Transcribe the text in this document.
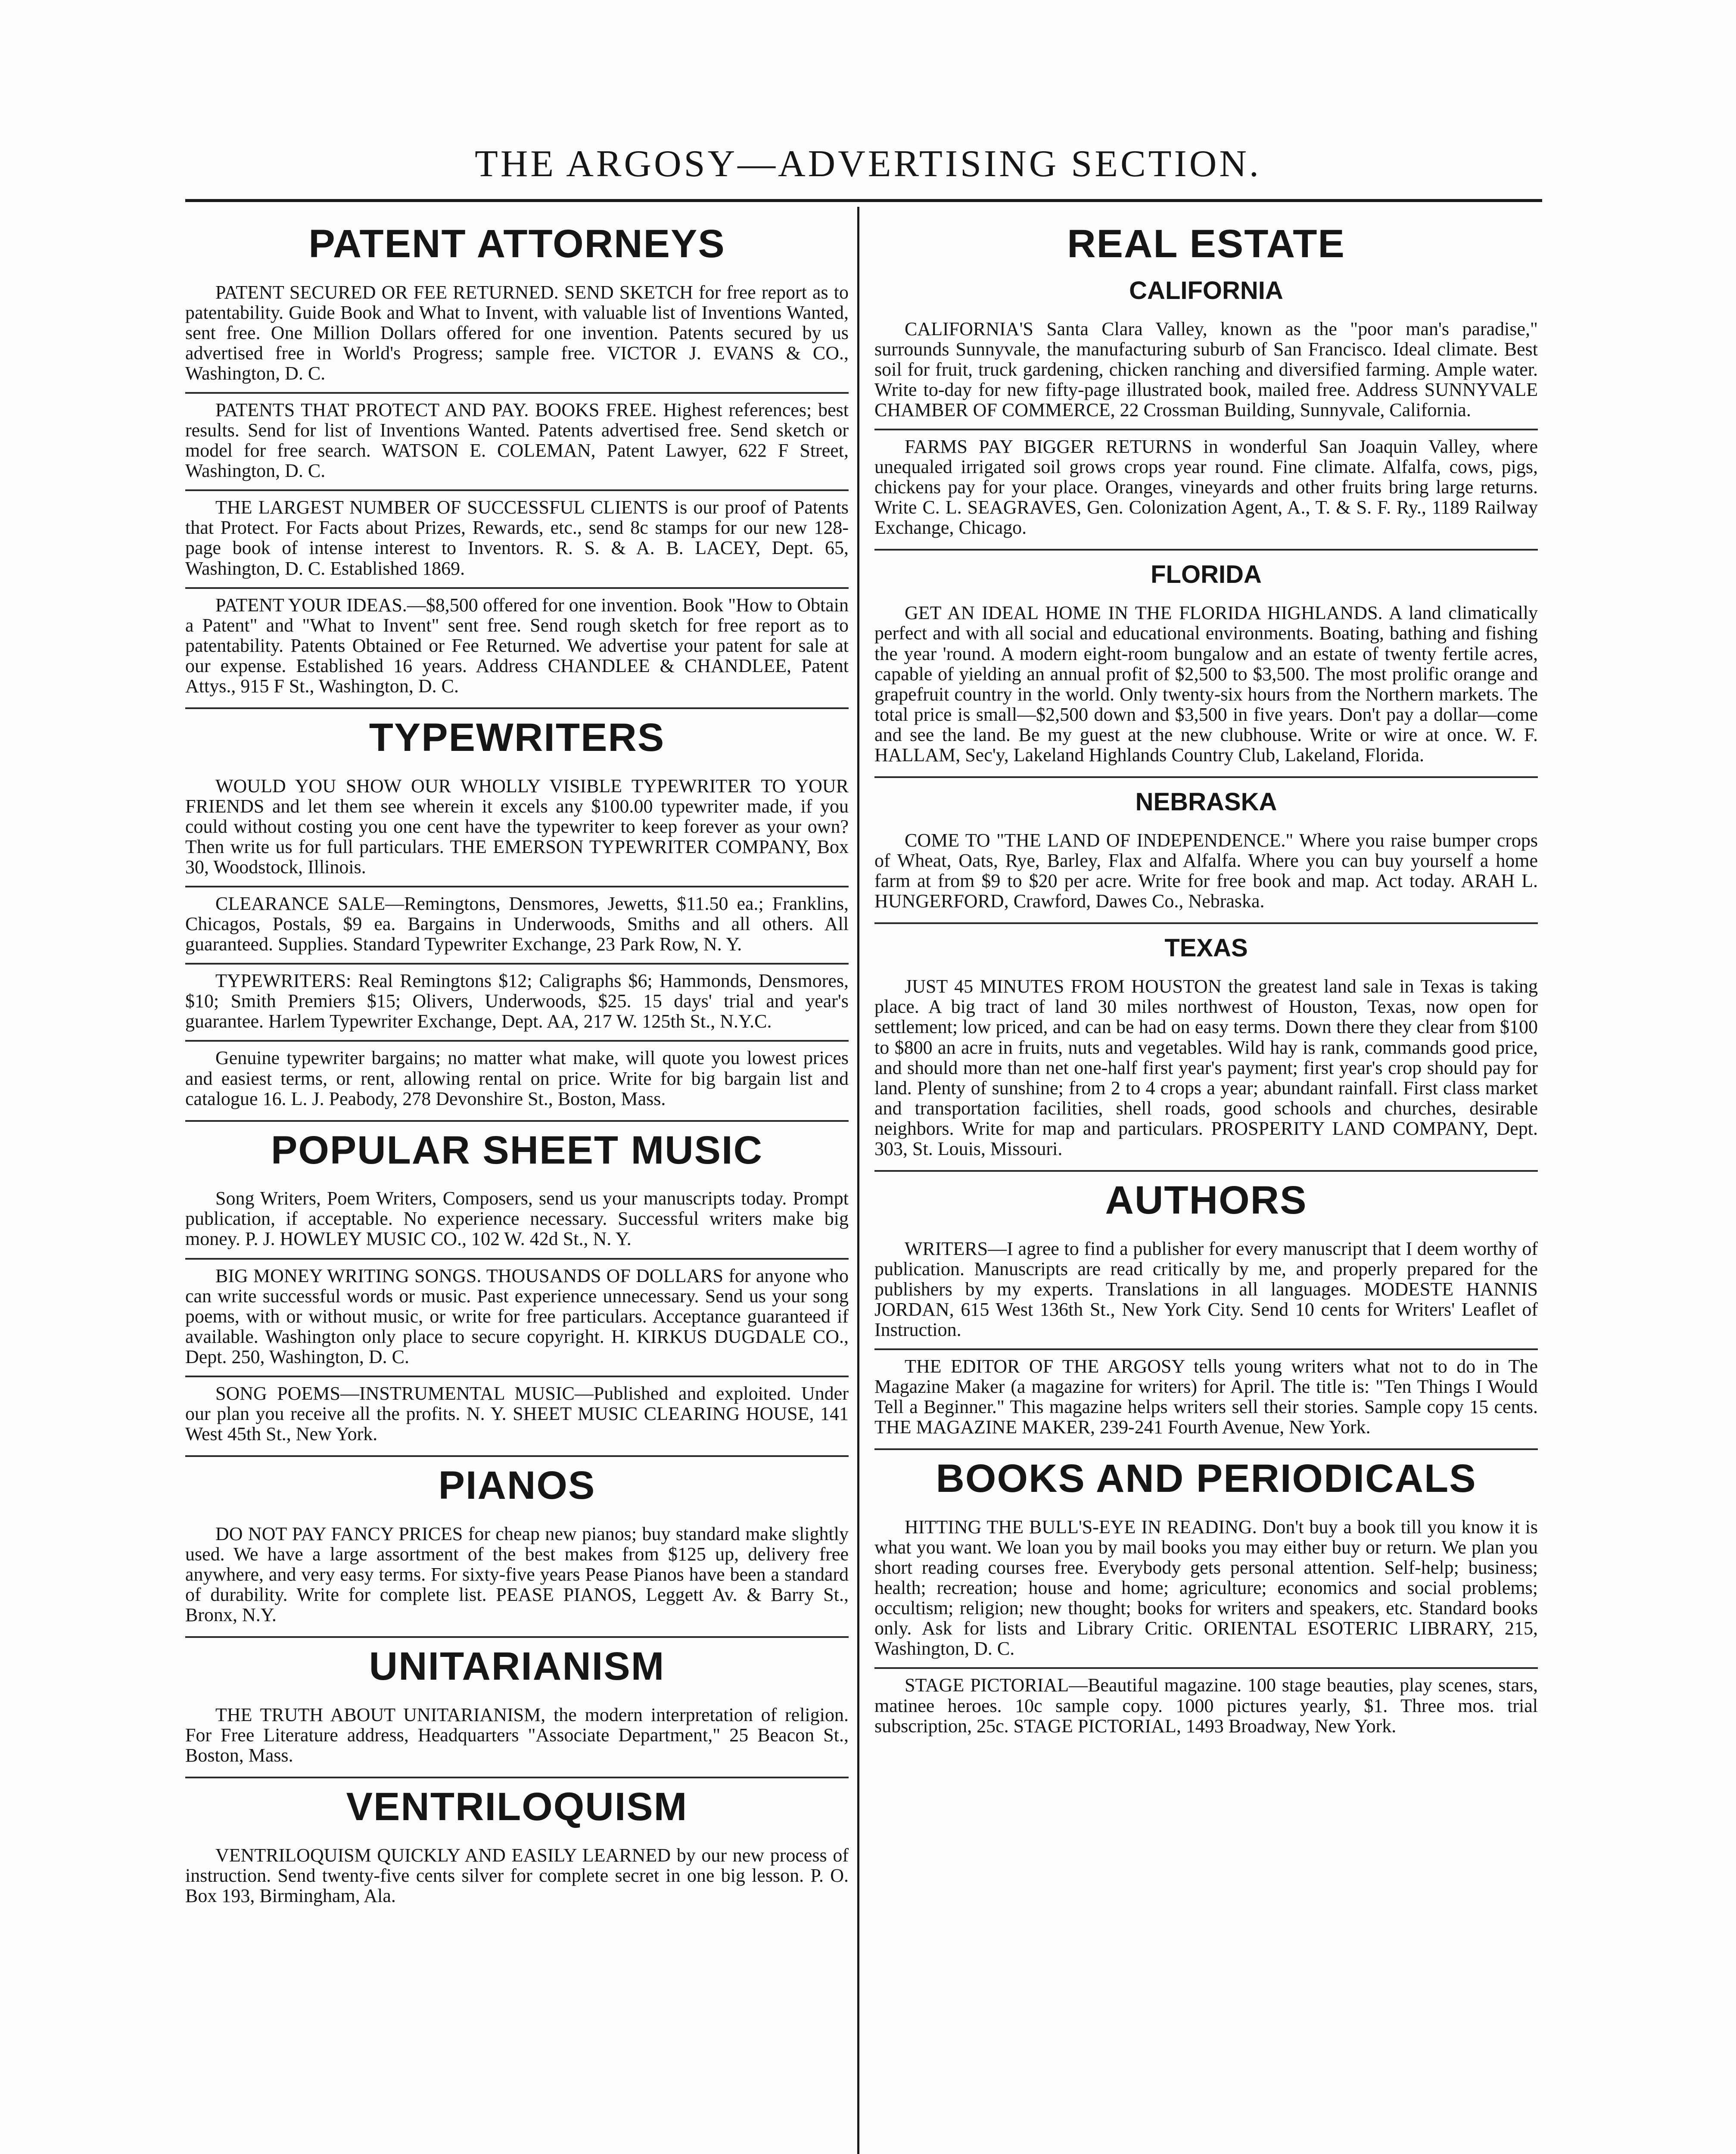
THE ARGOSY—ADVERTISING SECTION.
PATENT ATTORNEYS

PATENT SECURED OR FEE RETURNED. SEND SKETCH for free report as to patentability. Guide Book and What to Invent, with valuable list of Inventions Wanted, sent free. One Million Dollars offered for one invention. Patents secured by us advertised free in World's Progress; sample free. VICTOR J. EVANS & CO., Washington, D. C.

PATENTS THAT PROTECT AND PAY. BOOKS FREE. Highest references; best results. Send for list of Inventions Wanted. Patents advertised free. Send sketch or model for free search. WATSON E. COLEMAN, Patent Lawyer, 622 F Street, Washington, D. C.

THE LARGEST NUMBER OF SUCCESSFUL CLIENTS is our proof of Patents that Protect. For Facts about Prizes, Rewards, etc., send 8c stamps for our new 128-page book of intense interest to Inventors. R. S. & A. B. LACEY, Dept. 65, Washington, D. C. Established 1869.

PATENT YOUR IDEAS.—$8,500 offered for one invention. Book "How to Obtain a Patent" and "What to Invent" sent free. Send rough sketch for free report as to patentability. Patents Obtained or Fee Returned. We advertise your patent for sale at our expense. Established 16 years. Address CHANDLEE & CHANDLEE, Patent Attys., 915 F St., Washington, D. C.

TYPEWRITERS

WOULD YOU SHOW OUR WHOLLY VISIBLE TYPEWRITER TO YOUR FRIENDS and let them see wherein it excels any $100.00 typewriter made, if you could without costing you one cent have the typewriter to keep forever as your own? Then write us for full particulars. THE EMERSON TYPEWRITER COMPANY, Box 30, Woodstock, Illinois.

CLEARANCE SALE—Remingtons, Densmores, Jewetts, $11.50 ea.; Franklins, Chicagos, Postals, $9 ea. Bargains in Underwoods, Smiths and all others. All guaranteed. Supplies. Standard Typewriter Exchange, 23 Park Row, N. Y.

TYPEWRITERS: Real Remingtons $12; Caligraphs $6; Hammonds, Densmores, $10; Smith Premiers $15; Olivers, Underwoods, $25. 15 days' trial and year's guarantee. Harlem Typewriter Exchange, Dept. AA, 217 W. 125th St., N.Y.C.

Genuine typewriter bargains; no matter what make, will quote you lowest prices and easiest terms, or rent, allowing rental on price. Write for big bargain list and catalogue 16. L. J. Peabody, 278 Devonshire St., Boston, Mass.

POPULAR SHEET MUSIC

Song Writers, Poem Writers, Composers, send us your manuscripts today. Prompt publication, if acceptable. No experience necessary. Successful writers make big money. P. J. HOWLEY MUSIC CO., 102 W. 42d St., N. Y.

BIG MONEY WRITING SONGS. THOUSANDS OF DOLLARS for anyone who can write successful words or music. Past experience unnecessary. Send us your song poems, with or without music, or write for free particulars. Acceptance guaranteed if available. Washington only place to secure copyright. H. KIRKUS DUGDALE CO., Dept. 250, Washington, D. C.

SONG POEMS—INSTRUMENTAL MUSIC—Published and exploited. Under our plan you receive all the profits. N. Y. SHEET MUSIC CLEARING HOUSE, 141 West 45th St., New York.

PIANOS

DO NOT PAY FANCY PRICES for cheap new pianos; buy standard make slightly used. We have a large assortment of the best makes from $125 up, delivery free anywhere, and very easy terms. For sixty-five years Pease Pianos have been a standard of durability. Write for complete list. PEASE PIANOS, Leggett Av. & Barry St., Bronx, N.Y.

UNITARIANISM

THE TRUTH ABOUT UNITARIANISM, the modern interpretation of religion. For Free Literature address, Headquarters "Associate Department," 25 Beacon St., Boston, Mass.

VENTRILOQUISM

VENTRILOQUISM QUICKLY AND EASILY LEARNED by our new process of instruction. Send twenty-five cents silver for complete secret in one big lesson. P. O. Box 193, Birmingham, Ala.

REAL ESTATE
CALIFORNIA

CALIFORNIA'S Santa Clara Valley, known as the "poor man's paradise," surrounds Sunnyvale, the manufacturing suburb of San Francisco. Ideal climate. Best soil for fruit, truck gardening, chicken ranching and diversified farming. Ample water. Write to-day for new fifty-page illustrated book, mailed free. Address SUNNYVALE CHAMBER OF COMMERCE, 22 Crossman Building, Sunnyvale, California.

FARMS PAY BIGGER RETURNS in wonderful San Joaquin Valley, where unequaled irrigated soil grows crops year round. Fine climate. Alfalfa, cows, pigs, chickens pay for your place. Oranges, vineyards and other fruits bring large returns. Write C. L. SEAGRAVES, Gen. Colonization Agent, A., T. & S. F. Ry., 1189 Railway Exchange, Chicago.

FLORIDA

GET AN IDEAL HOME IN THE FLORIDA HIGHLANDS. A land climatically perfect and with all social and educational environments. Boating, bathing and fishing the year 'round. A modern eight-room bungalow and an estate of twenty fertile acres, capable of yielding an annual profit of $2,500 to $3,500. The most prolific orange and grapefruit country in the world. Only twenty-six hours from the Northern markets. The total price is small—$2,500 down and $3,500 in five years. Don't pay a dollar—come and see the land. Be my guest at the new clubhouse. Write or wire at once. W. F. HALLAM, Sec'y, Lakeland Highlands Country Club, Lakeland, Florida.

NEBRASKA

COME TO "THE LAND OF INDEPENDENCE." Where you raise bumper crops of Wheat, Oats, Rye, Barley, Flax and Alfalfa. Where you can buy yourself a home farm at from $9 to $20 per acre. Write for free book and map. Act today. ARAH L. HUNGERFORD, Crawford, Dawes Co., Nebraska.

TEXAS

JUST 45 MINUTES FROM HOUSTON the greatest land sale in Texas is taking place. A big tract of land 30 miles northwest of Houston, Texas, now open for settlement; low priced, and can be had on easy terms. Down there they clear from $100 to $800 an acre in fruits, nuts and vegetables. Wild hay is rank, commands good price, and should more than net one-half first year's payment; first year's crop should pay for land. Plenty of sunshine; from 2 to 4 crops a year; abundant rainfall. First class market and transportation facilities, shell roads, good schools and churches, desirable neighbors. Write for map and particulars. PROSPERITY LAND COMPANY, Dept. 303, St. Louis, Missouri.

AUTHORS

WRITERS—I agree to find a publisher for every manuscript that I deem worthy of publication. Manuscripts are read critically by me, and properly prepared for the publishers by my experts. Translations in all languages. MODESTE HANNIS JORDAN, 615 West 136th St., New York City. Send 10 cents for Writers' Leaflet of Instruction.

THE EDITOR OF THE ARGOSY tells young writers what not to do in The Magazine Maker (a magazine for writers) for April. The title is: "Ten Things I Would Tell a Beginner." This magazine helps writers sell their stories. Sample copy 15 cents. THE MAGAZINE MAKER, 239-241 Fourth Avenue, New York.

BOOKS AND PERIODICALS

HITTING THE BULL'S-EYE IN READING. Don't buy a book till you know it is what you want. We loan you by mail books you may either buy or return. We plan you short reading courses free. Everybody gets personal attention. Self-help; business; health; recreation; house and home; agriculture; economics and social problems; occultism; religion; new thought; books for writers and speakers, etc. Standard books only. Ask for lists and Library Critic. ORIENTAL ESOTERIC LIBRARY, 215, Washington, D. C.

STAGE PICTORIAL—Beautiful magazine. 100 stage beauties, play scenes, stars, matinee heroes. 10c sample copy. 1000 pictures yearly, $1. Three mos. trial subscription, 25c. STAGE PICTORIAL, 1493 Broadway, New York.
